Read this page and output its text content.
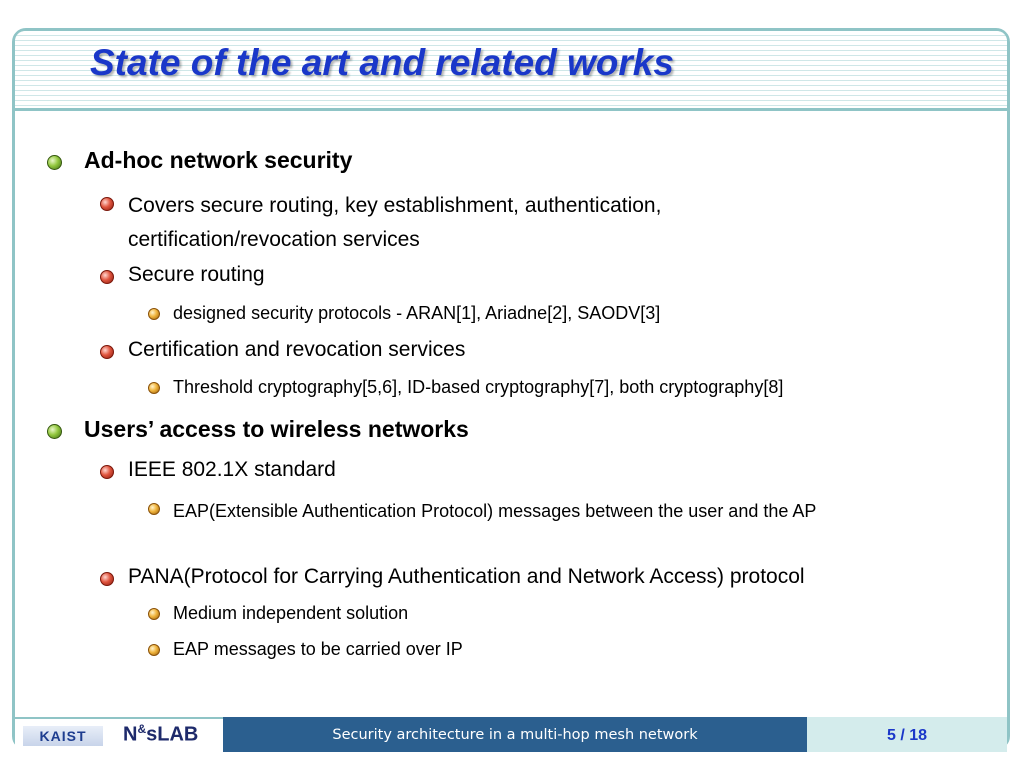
State of the art and related works
Ad-hoc network security
Covers secure routing, key establishment, authentication, certification/revocation services
Secure routing
designed security protocols - ARAN[1], Ariadne[2], SAODV[3]
Certification and revocation services
Threshold cryptography[5,6], ID-based cryptography[7], both cryptography[8]
Users’ access to wireless networks
IEEE 802.1X standard
EAP(Extensible Authentication Protocol) messages between the user and the AP
PANA(Protocol for Carrying Authentication and Network Access) protocol
Medium independent solution
EAP messages to be carried over IP
KAIST	N&sLAB	Security architecture in a multi-hop mesh network	5 / 18
